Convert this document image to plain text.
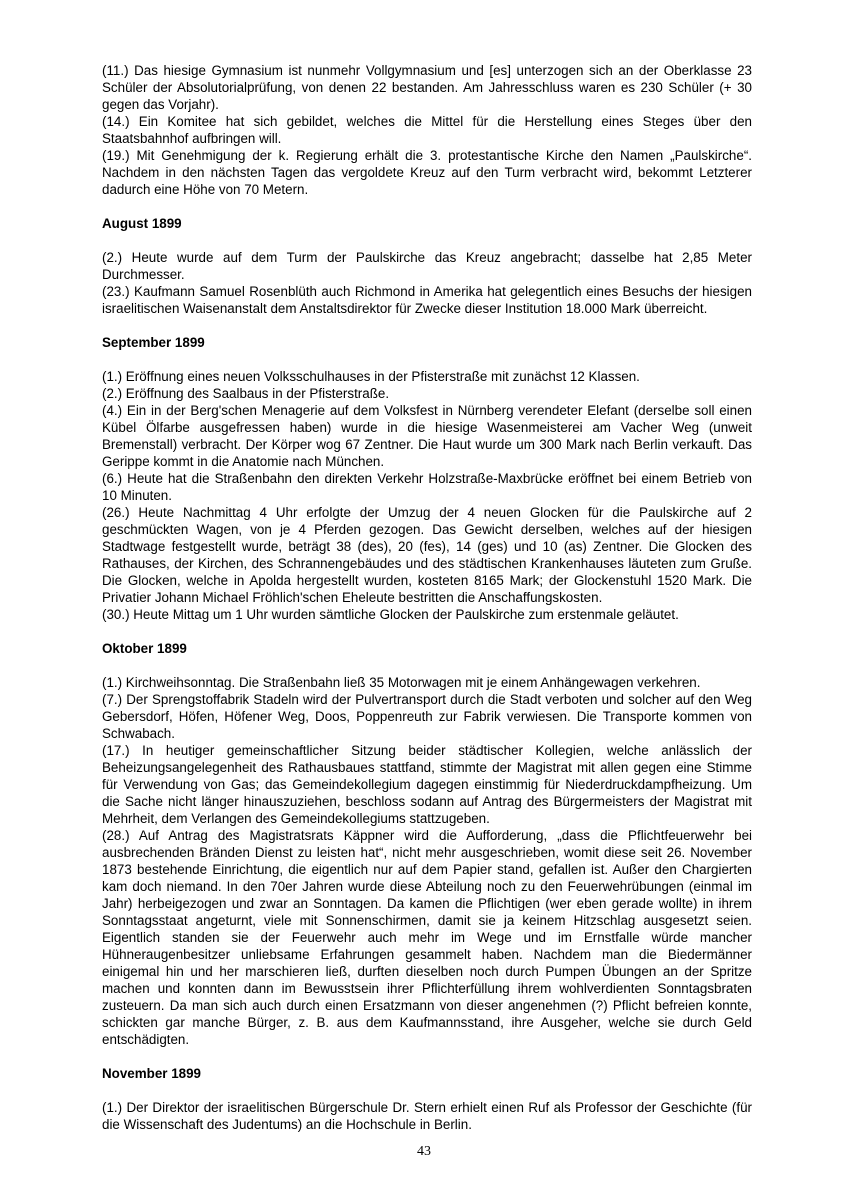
(11.) Das hiesige Gymnasium ist nunmehr Vollgymnasium und [es] unterzogen sich an der Oberklasse 23 Schüler der Absolutorialprüfung, von denen 22 bestanden. Am Jahresschluss waren es 230 Schüler (+ 30 gegen das Vorjahr).

(14.) Ein Komitee hat sich gebildet, welches die Mittel für die Herstellung eines Steges über den Staatsbahnhof aufbringen will.

(19.) Mit Genehmigung der k. Regierung erhält die 3. protestantische Kirche den Namen „Paulskirche“. Nachdem in den nächsten Tagen das vergoldete Kreuz auf den Turm verbracht wird, bekommt Letzterer dadurch eine Höhe von 70 Metern.

August 1899

(2.) Heute wurde auf dem Turm der Paulskirche das Kreuz angebracht; dasselbe hat 2,85 Meter Durchmesser.

(23.) Kaufmann Samuel Rosenblüth auch Richmond in Amerika hat gelegentlich eines Besuchs der hiesigen israelitischen Waisenanstalt dem Anstaltsdirektor für Zwecke dieser Institution 18.000 Mark überreicht.

September 1899

(1.) Eröffnung eines neuen Volksschulhauses in der Pfisterstraße mit zunächst 12 Klassen.

(2.) Eröffnung des Saalbaus in der Pfisterstraße.

(4.) Ein in der Berg'schen Menagerie auf dem Volksfest in Nürnberg verendeter Elefant (derselbe soll einen Kübel Ölfarbe ausgefressen haben) wurde in die hiesige Wasenmeisterei am Vacher Weg (unweit Bremenstall) verbracht. Der Körper wog 67 Zentner. Die Haut wurde um 300 Mark nach Berlin verkauft. Das Gerippe kommt in die Anatomie nach München.

(6.) Heute hat die Straßenbahn den direkten Verkehr Holzstraße-Maxbrücke eröffnet bei einem Betrieb von 10 Minuten.

(26.) Heute Nachmittag 4 Uhr erfolgte der Umzug der 4 neuen Glocken für die Paulskirche auf 2 geschmückten Wagen, von je 4 Pferden gezogen. Das Gewicht derselben, welches auf der hiesigen Stadtwage festgestellt wurde, beträgt 38 (des), 20 (fes), 14 (ges) und 10 (as) Zentner. Die Glocken des Rathauses, der Kirchen, des Schrannengebäudes und des städtischen Krankenhauses läuteten zum Gruße. Die Glocken, welche in Apolda hergestellt wurden, kosteten 8165 Mark; der Glockenstuhl 1520 Mark. Die Privatier Johann Michael Fröhlich'schen Eheleute bestritten die Anschaffungskosten.

(30.) Heute Mittag um 1 Uhr wurden sämtliche Glocken der Paulskirche zum erstenmale geläutet.

Oktober 1899

(1.) Kirchweihsonntag. Die Straßenbahn ließ 35 Motorwagen mit je einem Anhängewagen verkehren.

(7.) Der Sprengstoffabrik Stadeln wird der Pulvertransport durch die Stadt verboten und solcher auf den Weg Gebersdorf, Höfen, Höfener Weg, Doos, Poppenreuth zur Fabrik verwiesen. Die Transporte kommen von Schwabach.

(17.) In heutiger gemeinschaftlicher Sitzung beider städtischer Kollegien, welche anlässlich der Beheizungsangelegenheit des Rathausbaues stattfand, stimmte der Magistrat mit allen gegen eine Stimme für Verwendung von Gas; das Gemeindekollegium dagegen einstimmig für Niederdruckdampfheizung. Um die Sache nicht länger hinauszuziehen, beschloss sodann auf Antrag des Bürgermeisters der Magistrat mit Mehrheit, dem Verlangen des Gemeindekollegiums stattzugeben.

(28.) Auf Antrag des Magistratsrats Käppner wird die Aufforderung, „dass die Pflichtfeuerwehr bei ausbrechenden Bränden Dienst zu leisten hat“, nicht mehr ausgeschrieben, womit diese seit 26. November 1873 bestehende Einrichtung, die eigentlich nur auf dem Papier stand, gefallen ist. Außer den Chargierten kam doch niemand. In den 70er Jahren wurde diese Abteilung noch zu den Feuerwehrübungen (einmal im Jahr) herbeigezogen und zwar an Sonntagen. Da kamen die Pflichtigen (wer eben gerade wollte) in ihrem Sonntagsstaat angeturnt, viele mit Sonnenschirmen, damit sie ja keinem Hitzschlag ausgesetzt seien. Eigentlich standen sie der Feuerwehr auch mehr im Wege und im Ernstfalle würde mancher Hühneraugenbesitzer unliebsame Erfahrungen gesammelt haben. Nachdem man die Biedermänner einigemal hin und her marschieren ließ, durften dieselben noch durch Pumpen Übungen an der Spritze machen und konnten dann im Bewusstsein ihrer Pflichterfüllung ihrem wohlverdienten Sonntagsbraten zusteuern. Da man sich auch durch einen Ersatzmann von dieser angenehmen (?) Pflicht befreien konnte, schickten gar manche Bürger, z. B. aus dem Kaufmannsstand, ihre Ausgeher, welche sie durch Geld entschädigten.

November 1899

(1.) Der Direktor der israelitischen Bürgerschule Dr. Stern erhielt einen Ruf als Professor der Geschichte (für die Wissenschaft des Judentums) an die Hochschule in Berlin.

43
